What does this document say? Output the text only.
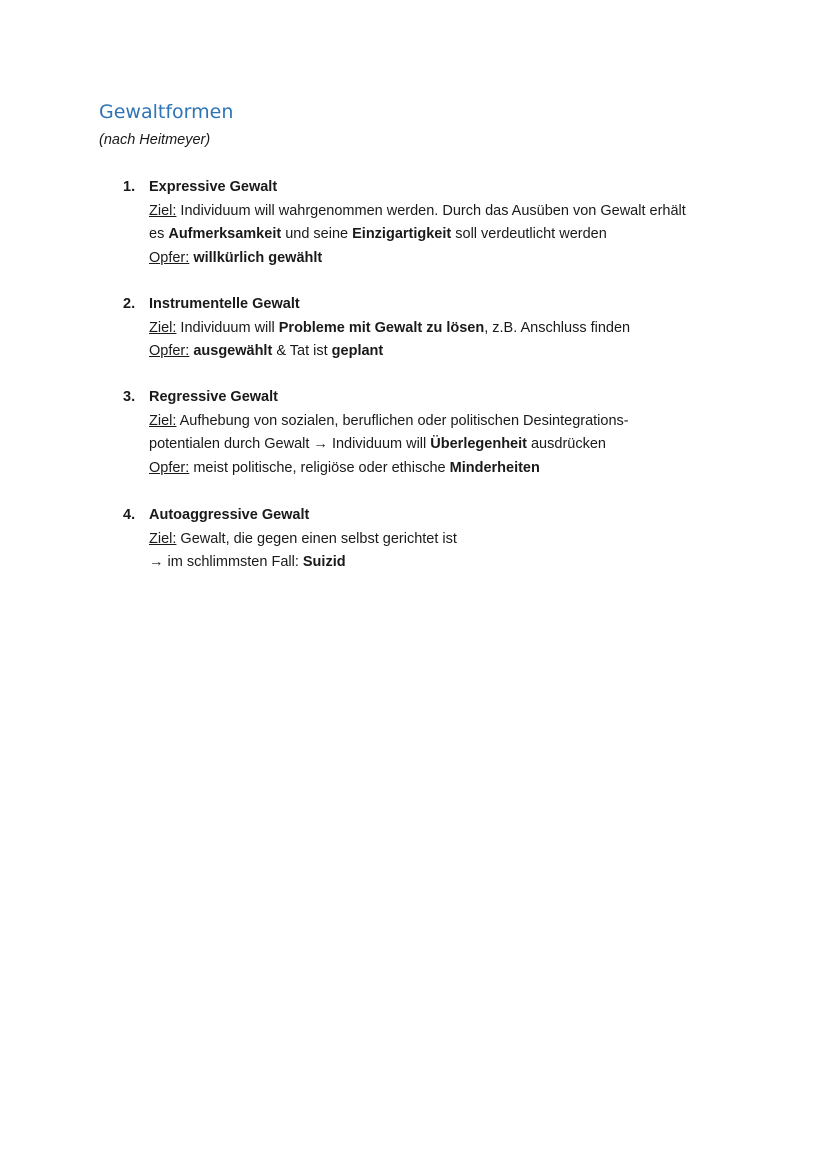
Gewaltformen

(nach Heitmeyer)

1. Expressive Gewalt
Ziel: Individuum will wahrgenommen werden. Durch das Ausüben von Gewalt erhält
es Aufmerksamkeit und seine Einzigartigkeit soll verdeutlicht werden
Opfer: willkürlich gewählt
2. Instrumentelle Gewalt
Ziel: Individuum will Probleme mit Gewalt zu lösen, z.B. Anschluss finden
Opfer: ausgewählt & Tat ist geplant
3. Regressive Gewalt
Ziel: Aufhebung von sozialen, beruflichen oder politischen Desintegrations-
potentialen durch Gewalt → Individuum will Überlegenheit ausdrücken
Opfer: meist politische, religiöse oder ethische Minderheiten
4. Autoaggressive Gewalt
Ziel: Gewalt, die gegen einen selbst gerichtet ist
→ im schlimmsten Fall: Suizid
